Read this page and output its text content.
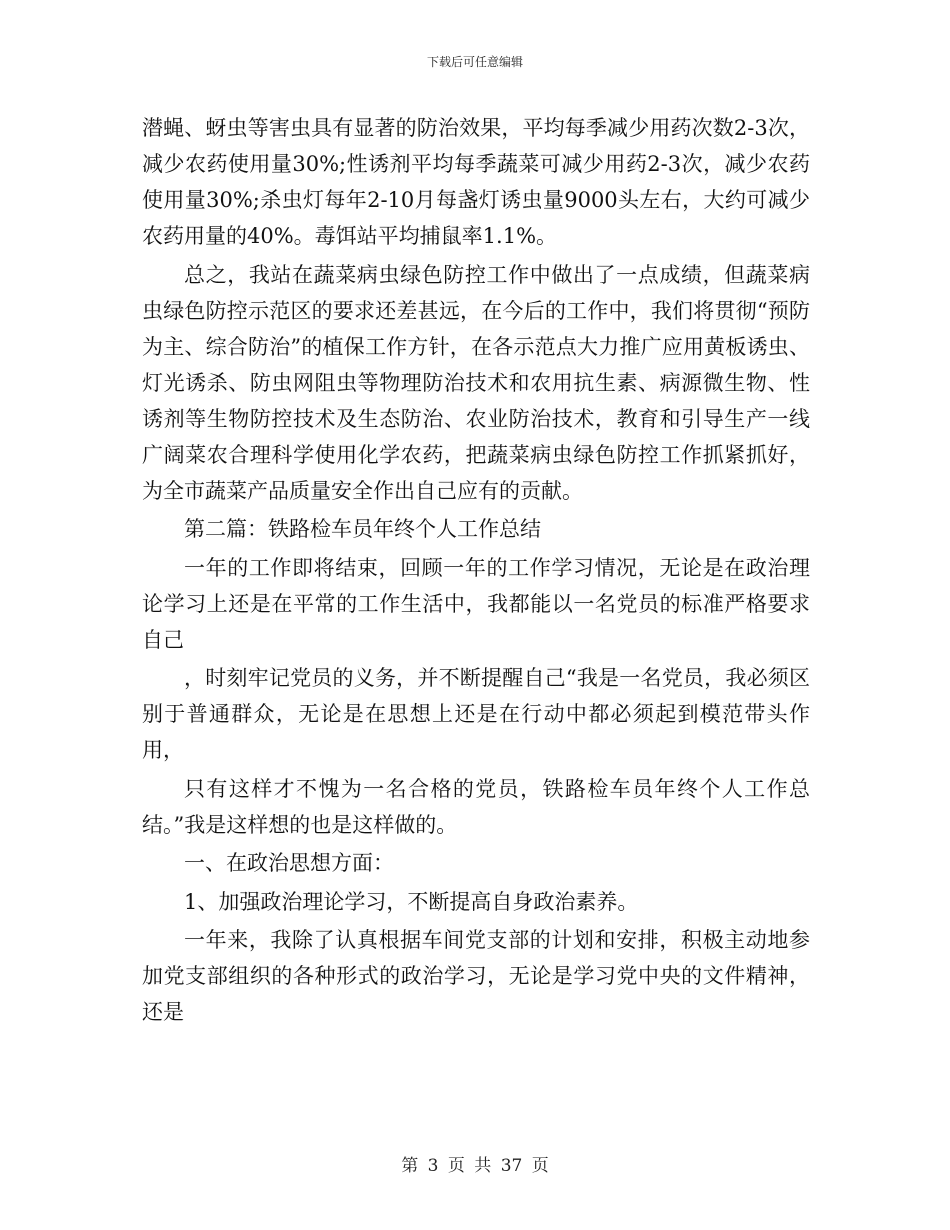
下载后可任意编辑

潜蝇、蚜虫等害虫具有显著的防治效果，平均每季减少用药次数2-3次，减少农药使用量30%;性诱剂平均每季蔬菜可减少用药2-3次，减少农药使用量30%;杀虫灯每年2-10月每盏灯诱虫量9000头左右，大约可减少农药用量的40%。毒饵站平均捕鼠率1.1%。

总之，我站在蔬菜病虫绿色防控工作中做出了一点成绩，但蔬菜病虫绿色防控示范区的要求还差甚远，在今后的工作中，我们将贯彻“预防为主、综合防治”的植保工作方针，在各示范点大力推广应用黄板诱虫、灯光诱杀、防虫网阻虫等物理防治技术和农用抗生素、病源微生物、性诱剂等生物防控技术及生态防治、农业防治技术，教育和引导生产一线广阔菜农合理科学使用化学农药，把蔬菜病虫绿色防控工作抓紧抓好，为全市蔬菜产品质量安全作出自己应有的贡献。

第二篇：铁路检车员年终个人工作总结

一年的工作即将结束，回顾一年的工作学习情况，无论是在政治理论学习上还是在平常的工作生活中，我都能以一名党员的标准严格要求自己

，时刻牢记党员的义务，并不断提醒自己“我是一名党员，我必须区别于普通群众，无论是在思想上还是在行动中都必须起到模范带头作用，

只有这样才不愧为一名合格的党员，铁路检车员年终个人工作总结。”我是这样想的也是这样做的。

一、在政治思想方面：

1、加强政治理论学习，不断提高自身政治素养。

一年来，我除了认真根据车间党支部的计划和安排，积极主动地参加党支部组织的各种形式的政治学习，无论是学习党中央的文件精神，还是

第 3 页 共 37 页
